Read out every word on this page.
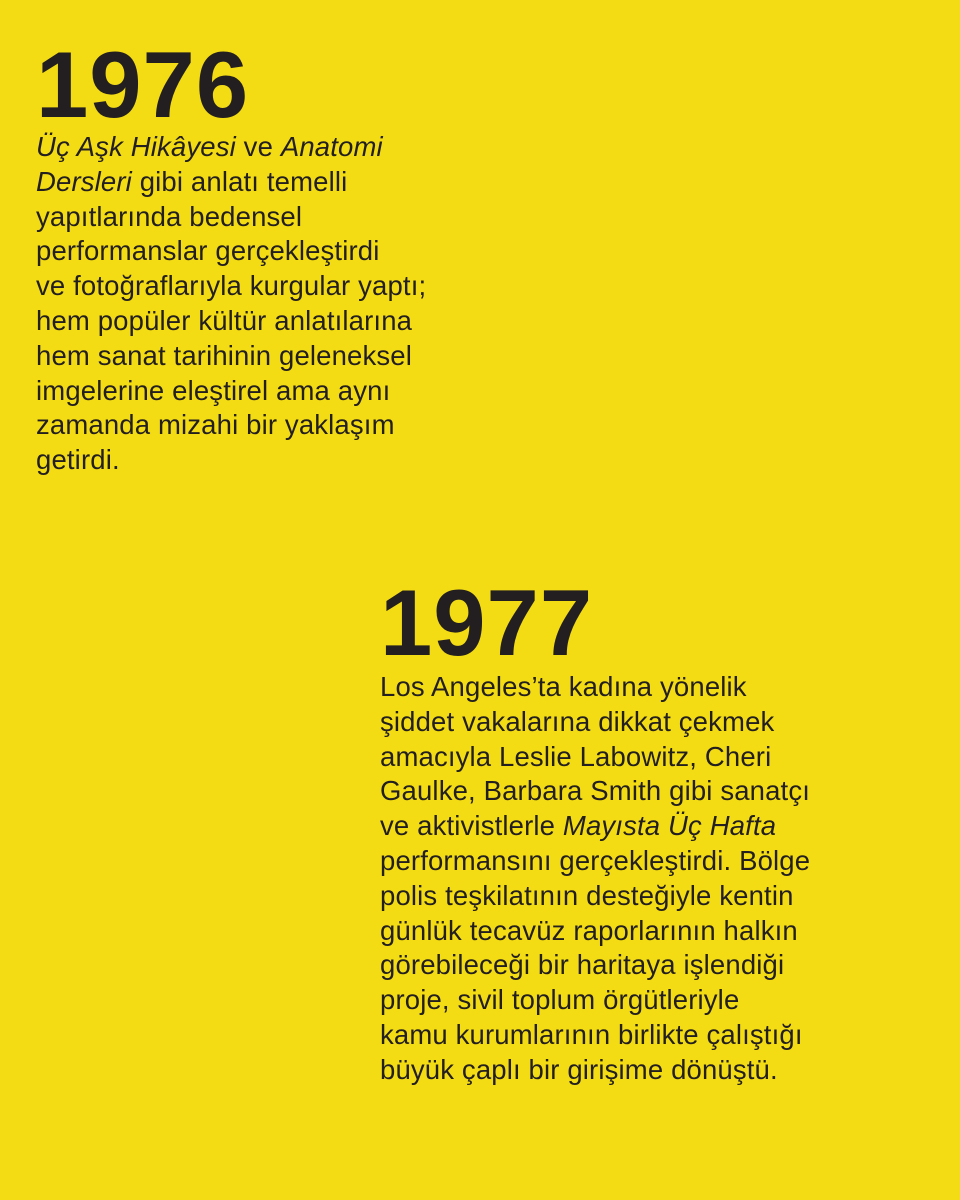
1976

Üç Aşk Hikâyesi ve Anatomi
Dersleri gibi anlatı temelli
yapıtlarında bedensel
performanslar gerçekleştirdi
ve fotoğraflarıyla kurgular yaptı;
hem popüler kültür anlatılarına
hem sanat tarihinin geleneksel
imgelerine eleştirel ama aynı
zamanda mizahi bir yaklaşım
getirdi.

1977

Los Angeles’ta kadına yönelik
şiddet vakalarına dikkat çekmek
amacıyla Leslie Labowitz, Cheri
Gaulke, Barbara Smith gibi sanatçı
ve aktivistlerle Mayısta Üç Hafta
performansını gerçekleştirdi. Bölge
polis teşkilatının desteğiyle kentin
günlük tecavüz raporlarının halkın
görebileceği bir haritaya işlendiği
proje, sivil toplum örgütleriyle
kamu kurumlarının birlikte çalıştığı
büyük çaplı bir girişime dönüştü.
